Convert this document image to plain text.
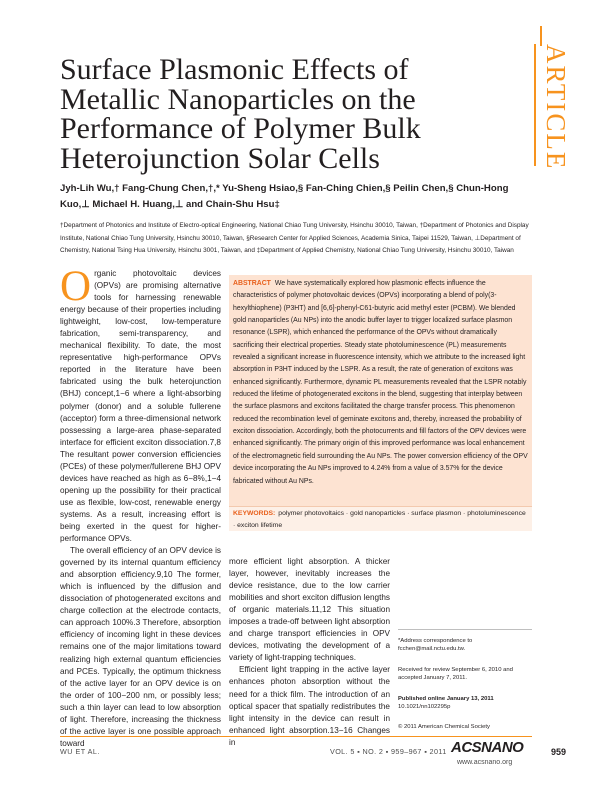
ARTICLE
Surface Plasmonic Effects of Metallic Nanoparticles on the Performance of Polymer Bulk Heterojunction Solar Cells
Jyh-Lih Wu,† Fang-Chung Chen,†,* Yu-Sheng Hsiao,§ Fan-Ching Chien,§ Peilin Chen,§ Chun-Hong Kuo,⊥ Michael H. Huang,⊥ and Chain-Shu Hsu‡
†Department of Photonics and Institute of Electro-optical Engineering, National Chiao Tung University, Hsinchu 30010, Taiwan, †Department of Photonics and Display Institute, National Chiao Tung University, Hsinchu 30010, Taiwan, §Research Center for Applied Sciences, Academia Sinica, Taipei 11529, Taiwan, ⊥Department of Chemistry, National Tsing Hua University, Hsinchu 3001, Taiwan, and ‡Department of Applied Chemistry, National Chiao Tung University, Hsinchu 30010, Taiwan
Organic photovoltaic devices (OPVs) are promising alternative tools for harnessing renewable energy because of their properties including lightweight, low-cost, low-temperature fabrication, semi-transparency, and mechanical flexibility. To date, the most representative high-performance OPVs reported in the literature have been fabricated using the bulk heterojunction (BHJ) concept,1−6 where a light-absorbing polymer (donor) and a soluble fullerene (acceptor) form a three-dimensional network possessing a large-area phase-separated interface for efficient exciton dissociation.7,8 The resultant power conversion efficiencies (PCEs) of these polymer/fullerene BHJ OPV devices have reached as high as 6−8%,1−4 opening up the possibility for their practical use as flexible, low-cost, renewable energy systems. As a result, increasing effort is being exerted in the quest for higher-performance OPVs.

The overall efficiency of an OPV device is governed by its internal quantum efficiency and absorption efficiency.9,10 The former, which is influenced by the diffusion and dissociation of photogenerated excitons and charge collection at the electrode contacts, can approach 100%.3 Therefore, absorption efficiency of incoming light in these devices remains one of the major limitations toward realizing high external quantum efficiencies and PCEs. Typically, the optimum thickness of the active layer for an OPV device is on the order of 100−200 nm, or possibly less; such a thin layer can lead to low absorption of light. Therefore, increasing the thickness of the active layer is one possible approach toward

ABSTRACT We have systematically explored how plasmonic effects influence the characteristics of polymer photovoltaic devices (OPVs) incorporating a blend of poly(3-hexylthiophene) (P3HT) and [6,6]-phenyl-C61-butyric acid methyl ester (PCBM). We blended gold nanoparticles (Au NPs) into the anodic buffer layer to trigger localized surface plasmon resonance (LSPR), which enhanced the performance of the OPVs without dramatically sacrificing their electrical properties. Steady state photoluminescence (PL) measurements revealed a significant increase in fluorescence intensity, which we attribute to the increased light absorption in P3HT induced by the LSPR. As a result, the rate of generation of excitons was enhanced significantly. Furthermore, dynamic PL measurements revealed that the LSPR notably reduced the lifetime of photogenerated excitons in the blend, suggesting that interplay between the surface plasmons and excitons facilitated the charge transfer process. This phenomenon reduced the recombination level of geminate excitons and, thereby, increased the probability of exciton dissociation. Accordingly, both the photocurrents and fill factors of the OPV devices were enhanced significantly. The primary origin of this improved performance was local enhancement of the electromagnetic field surrounding the Au NPs. The power conversion efficiency of the OPV device incorporating the Au NPs improved to 4.24% from a value of 3.57% for the device fabricated without Au NPs.
KEYWORDS: polymer photovoltaics · gold nanoparticles · surface plasmon · photoluminescence · exciton lifetime

more efficient light absorption. A thicker layer, however, inevitably increases the device resistance, due to the low carrier mobilities and short exciton diffusion lengths of organic materials.11,12 This situation imposes a trade-off between light absorption and charge transport efficiencies in OPV devices, motivating the development of a variety of light-trapping techniques.

Efficient light trapping in the active layer enhances photon absorption without the need for a thick film. The introduction of an optical spacer that spatially redistributes the light intensity in the device can result in enhanced light absorption.13−16 Changes in

*Address correspondence to
fcchen@mail.nctu.edu.tw.
Received for review September 6, 2010 and accepted January 7, 2011.
Published online January 13, 2011
10.1021/nn102295p
© 2011 American Chemical Society
WU ET AL.	VOL. 5 ▪ NO. 2 ▪ 959–967 ▪ 2011 ACSNANO	959
www.acsnano.org
